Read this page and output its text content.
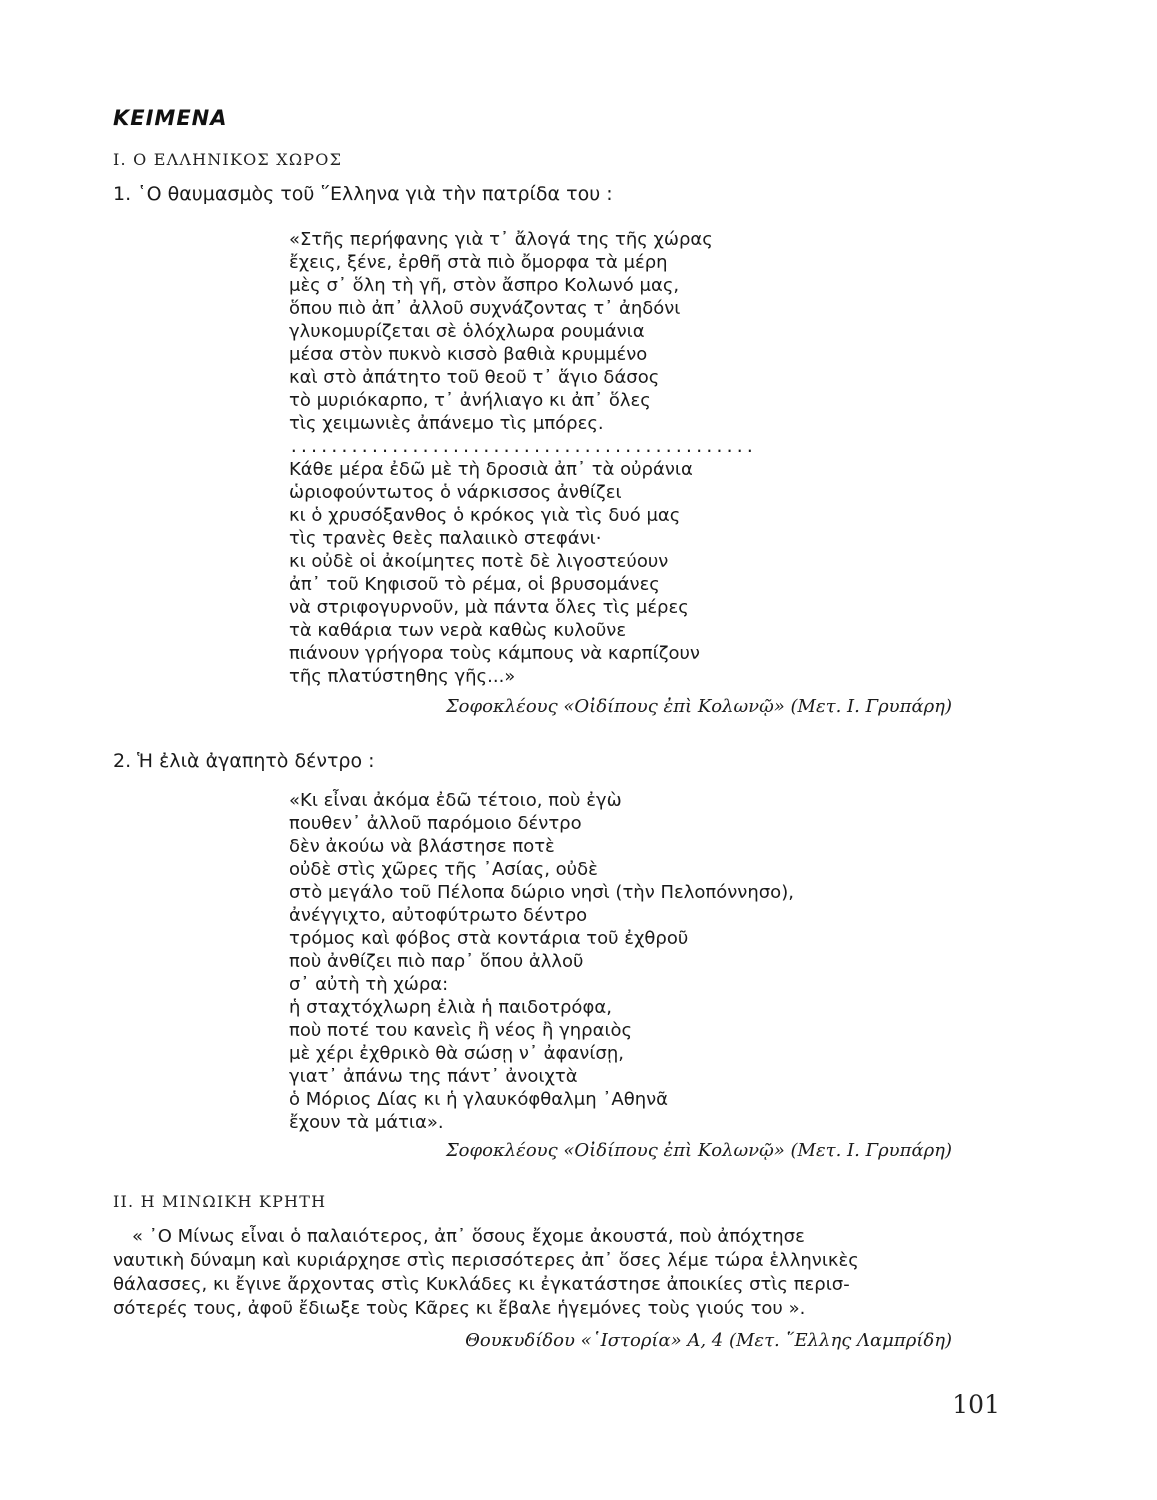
ΚΕΙΜΕΝΑ
Ι. Ο ΕΛΛΗΝΙΚΟΣ ΧΩΡΟΣ
1. ῾Ο θαυμασμὸς τοῦ ῞Ελληνα γιὰ τὴν πατρίδα του :
«Στῆς περήφανης γιὰ τ᾿ ἄλογά της τῆς χώρας
ἔχεις, ξένε, ἐρθῆ στὰ πιὸ ὄμορφα τὰ μέρη
μὲς σ᾿ ὅλη τὴ γῆ, στὸν ἄσπρο Κολωνό μας,
ὅπου πιὸ ἀπ᾿ ἀλλοῦ συχνάζοντας τ᾿ ἀηδόνι
γλυκομυρίζεται σὲ ὁλόχλωρα ρουμάνια
μέσα στὸν πυκνὸ κισσὸ βαθιὰ κρυμμένο
καὶ στὸ ἀπάτητο τοῦ θεοῦ τ᾿ ἅγιο δάσος
τὸ μυριόκαρπο, τ᾿ ἀνήλιαγο κι ἀπ᾿ ὅλες
τὶς χειμωνιὲς ἀπάνεμο τὶς μπόρες.
..............................................
Κάθε μέρα ἐδῶ μὲ τὴ δροσιὰ ἀπ᾿ τὰ οὐράνια
ὡριοφούντωτος ὁ νάρκισσος ἀνθίζει
κι ὁ χρυσόξανθος ὁ κρόκος γιὰ τὶς δυό μας
τὶς τρανὲς θεὲς παλαιικὸ στεφάνι·
κι οὐδὲ οἱ ἀκοίμητες ποτὲ δὲ λιγοστεύουν
ἀπ᾿ τοῦ Κηφισοῦ τὸ ρέμα, οἱ βρυσομάνες
νὰ στριφογυρνοῦν, μὰ πάντα ὅλες τὶς μέρες
τὰ καθάρια των νερὰ καθὼς κυλοῦνε
πιάνουν γρήγορα τοὺς κάμπους νὰ καρπίζουν
τῆς πλατύστηθης γῆς...»
Σοφοκλέους «Οἰδίπους ἐπὶ Κολωνῷ» (Μετ. Ι. Γρυπάρη)
2. Ἡ ἐλιὰ ἀγαπητὸ δέντρο :
«Κι εἶναι ἀκόμα ἐδῶ τέτοιο, ποὺ ἐγὼ
πουθεν᾿ ἀλλοῦ παρόμοιο δέντρο
δὲν ἀκούω νὰ βλάστησε ποτὲ
οὐδὲ στὶς χῶρες τῆς ᾿Ασίας, οὐδὲ
στὸ μεγάλο τοῦ Πέλοπα δώριο νησὶ (τὴν Πελοπόννησο),
ἀνέγγιχτο, αὐτοφύτρωτο δέντρο
τρόμος καὶ φόβος στὰ κοντάρια τοῦ ἐχθροῦ
ποὺ ἀνθίζει πιὸ παρ᾿ ὅπου ἀλλοῦ
σ᾿ αὐτὴ τὴ χώρα:
ἡ σταχτόχλωρη ἐλιὰ ἡ παιδοτρόφα,
ποὺ ποτέ του κανεὶς ἢ νέος ἢ γηραιὸς
μὲ χέρι ἐχθρικὸ θὰ σώσῃ ν᾿ ἀφανίσῃ,
γιατ᾿ ἀπάνω της πάντ᾿ ἀνοιχτὰ
ὁ Μόριος Δίας κι ἡ γλαυκόφθαλμη ᾿Αθηνᾶ
ἔχουν τὰ μάτια».
Σοφοκλέους «Οἰδίπους ἐπὶ Κολωνῷ» (Μετ. Ι. Γρυπάρη)
ΙΙ. Η ΜΙΝΩΙΚΗ ΚΡΗΤΗ
« ᾿Ο Μίνως εἶναι ὁ παλαιότερος, ἀπ᾿ ὅσους ἔχομε ἀκουστά, ποὺ ἀπόχτησε
ναυτικὴ δύναμη καὶ κυριάρχησε στὶς περισσότερες ἀπ᾿ ὅσες λέμε τώρα ἑλληνικὲς
θάλασσες, κι ἔγινε ἄρχοντας στὶς Κυκλάδες κι ἐγκατάστησε ἀποικίες στὶς περισ-
σότερές τους, ἀφοῦ ἔδιωξε τοὺς Κᾶρες κι ἔβαλε ἡγεμόνες τοὺς γιούς του ».
Θουκυδίδου «῾Ιστορία» Α, 4 (Μετ. ῞Ελλης Λαμπρίδη)
101
